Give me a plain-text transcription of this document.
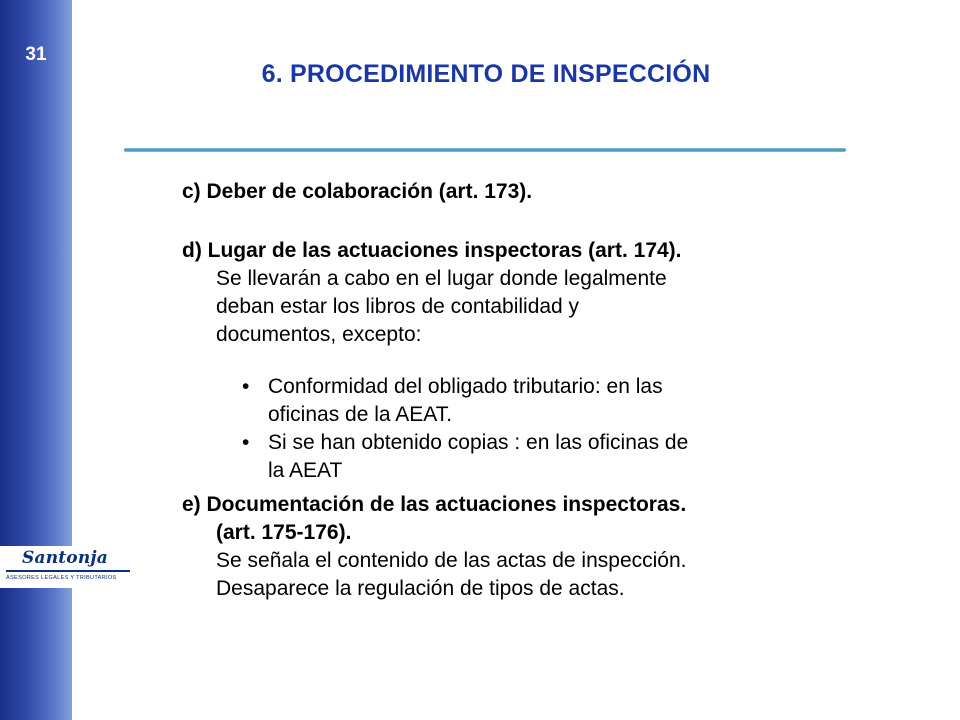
31
Santonja
ASESORES LEGALES Y TRIBUTARIOS
6. PROCEDIMIENTO DE INSPECCIÓN

c) Deber de colaboración (art. 173).

d) Lugar de las actuaciones inspectoras (art. 174).

Se llevarán a cabo en el lugar donde legalmente

deban estar los libros de contabilidad y

documentos, excepto:

• Conformidad del obligado tributario: en las
oficinas de la AEAT.
• Si se han obtenido copias : en las oficinas de
la AEAT

e) Documentación de las actuaciones inspectoras.

(art. 175-176).

Se señala el contenido de las actas de inspección.

Desaparece la regulación de tipos de actas.
